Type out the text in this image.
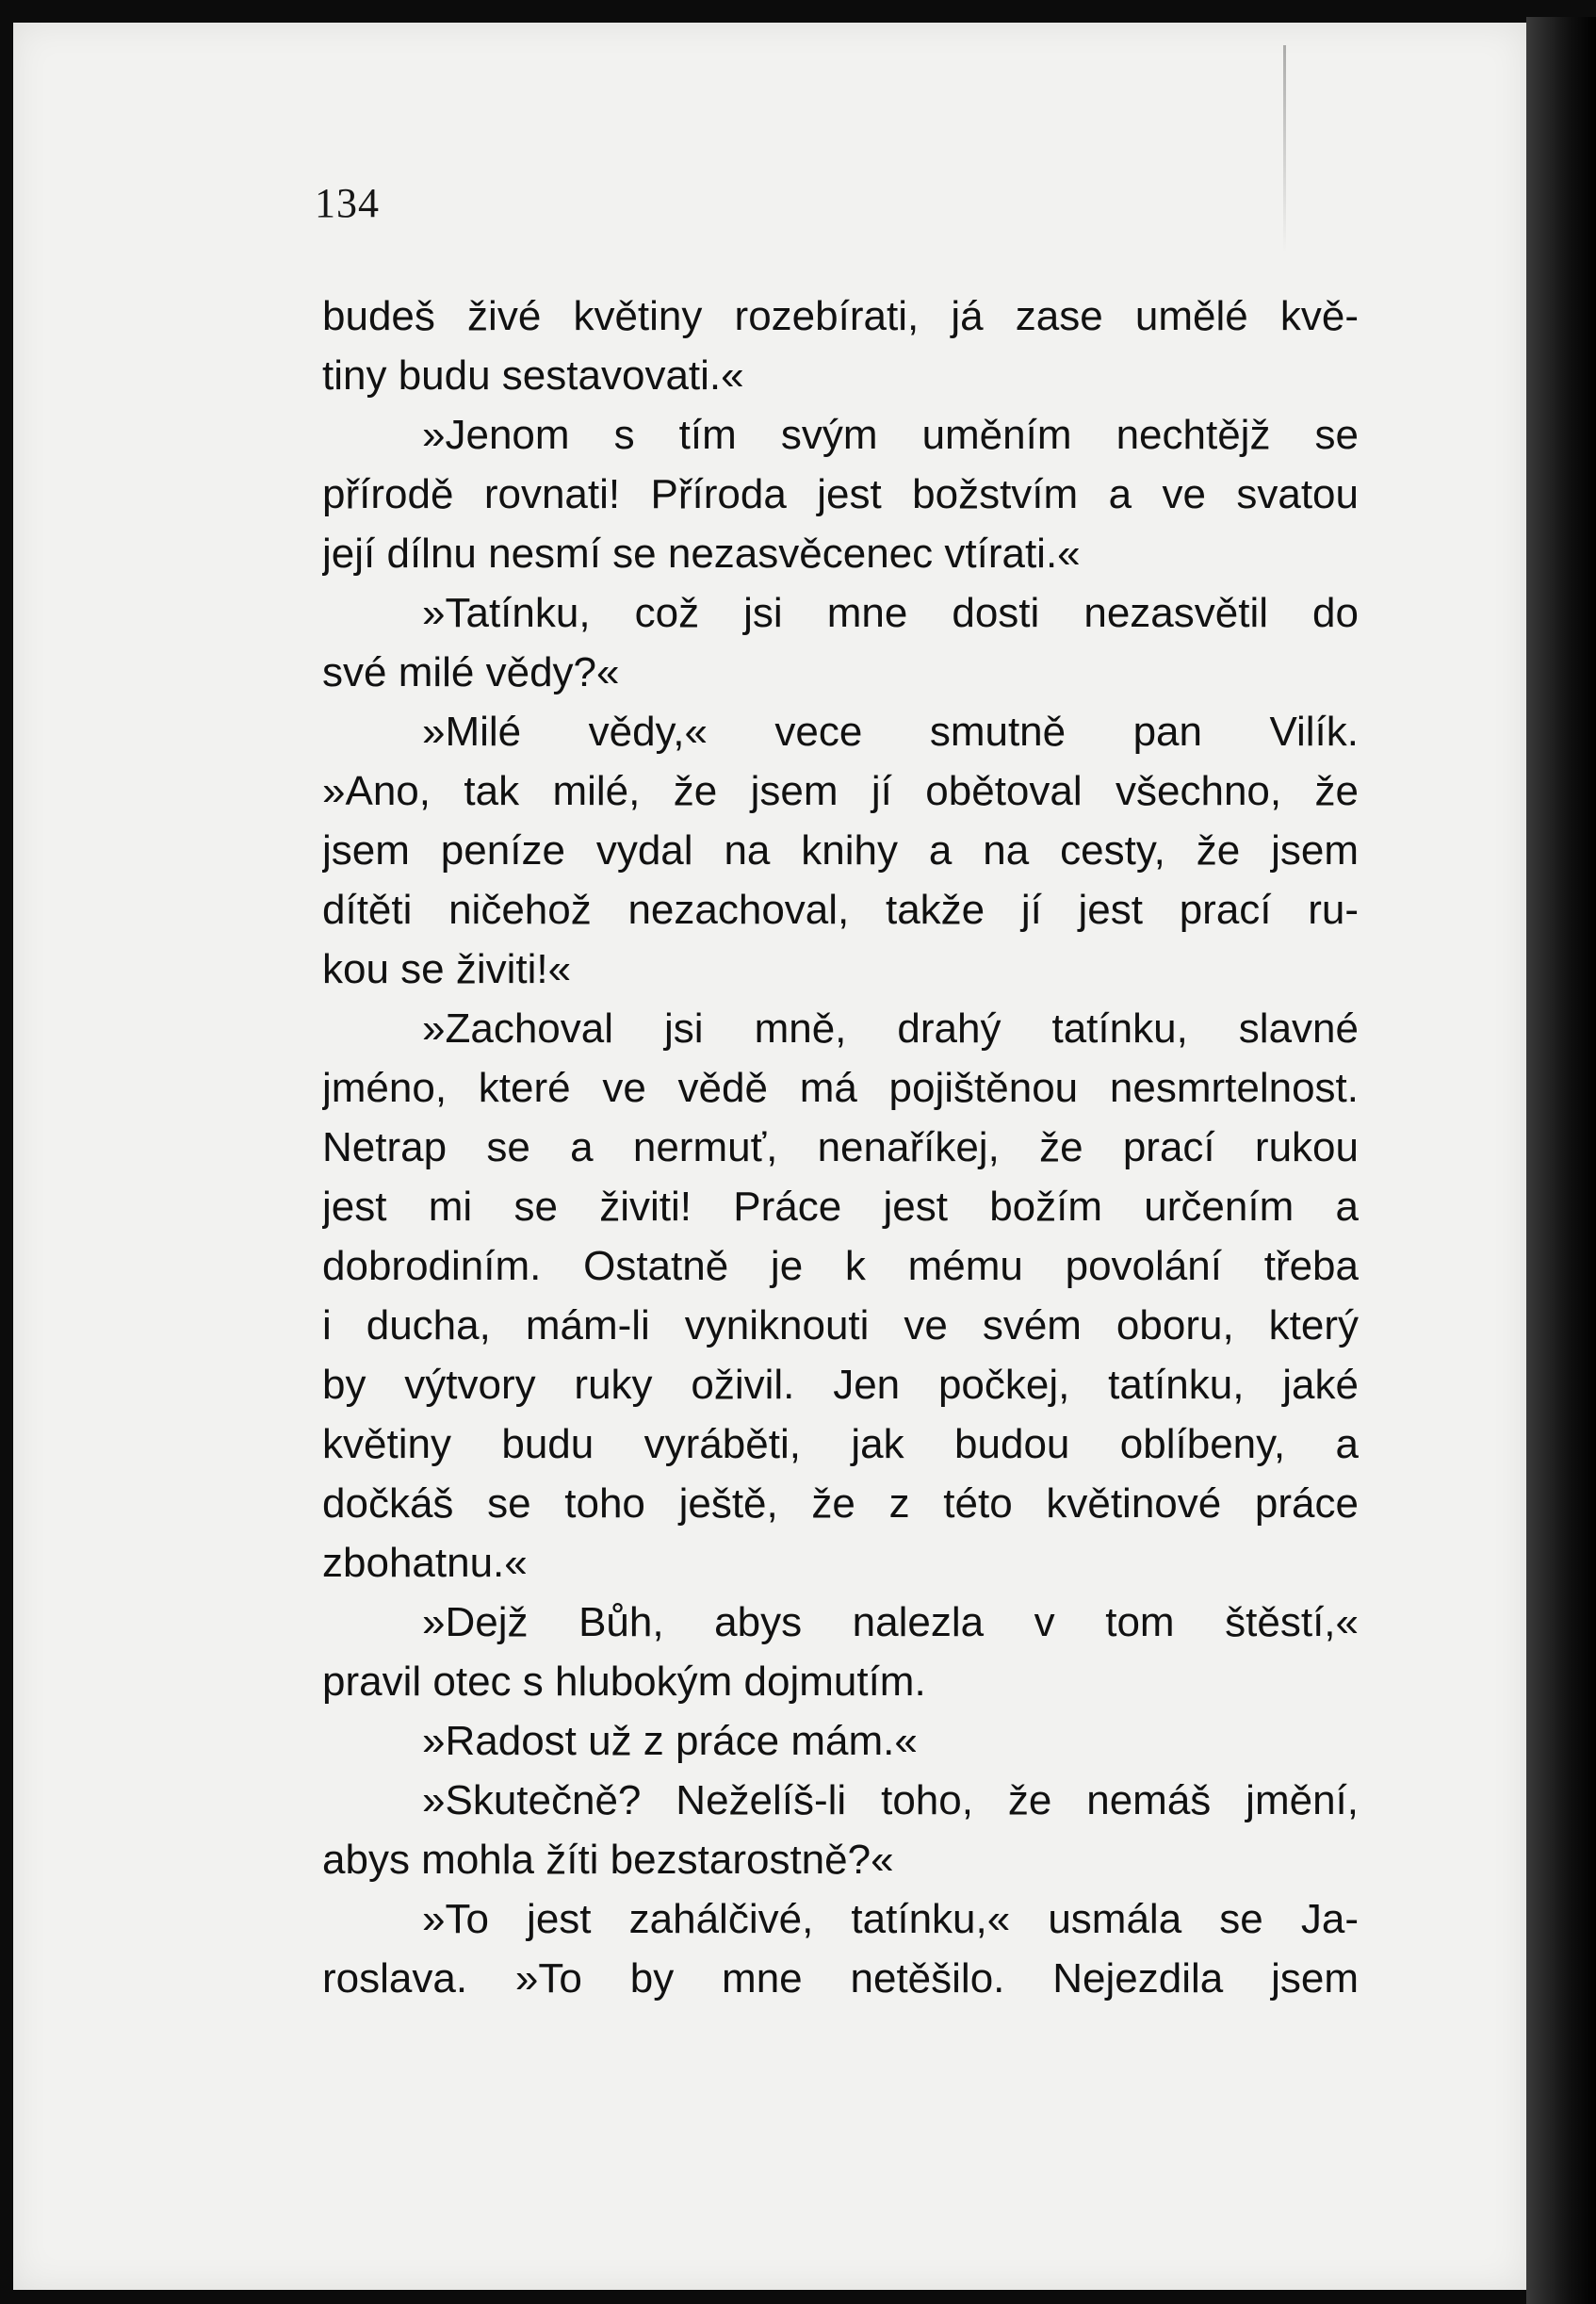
134
budeš živé květiny rozebírati, já zase umělé kvě-
tiny budu sestavovati.«
»Jenom s tím svým uměním nechtějž se
přírodě rovnati! Příroda jest božstvím a ve svatou
její dílnu nesmí se nezasvěcenec vtírati.«
»Tatínku, což jsi mne dosti nezasvětil do
své milé vědy?«
»Milé vědy,« vece smutně pan Vilík.
»Ano, tak milé, že jsem jí obětoval všechno, že
jsem peníze vydal na knihy a na cesty, že jsem
dítěti ničehož nezachoval, takže jí jest prací ru-
kou se živiti!«
»Zachoval jsi mně, drahý tatínku, slavné
jméno, které ve vědě má pojištěnou nesmrtelnost.
Netrap se a nermuť, nenaříkej, že prací rukou
jest mi se živiti! Práce jest božím určením a
dobrodiním. Ostatně je k mému povolání třeba
i ducha, mám-li vyniknouti ve svém oboru, který
by výtvory ruky oživil. Jen počkej, tatínku, jaké
květiny budu vyráběti, jak budou oblíbeny, a
dočkáš se toho ještě, že z této květinové práce
zbohatnu.«
»Dejž Bůh, abys nalezla v tom štěstí,«
pravil otec s hlubokým dojmutím.
»Radost už z práce mám.«
»Skutečně? Neželíš-li toho, že nemáš jmění,
abys mohla žíti bezstarostně?«
»To jest zahálčivé, tatínku,« usmála se Ja-
roslava. »To by mne netěšilo. Nejezdila jsem
